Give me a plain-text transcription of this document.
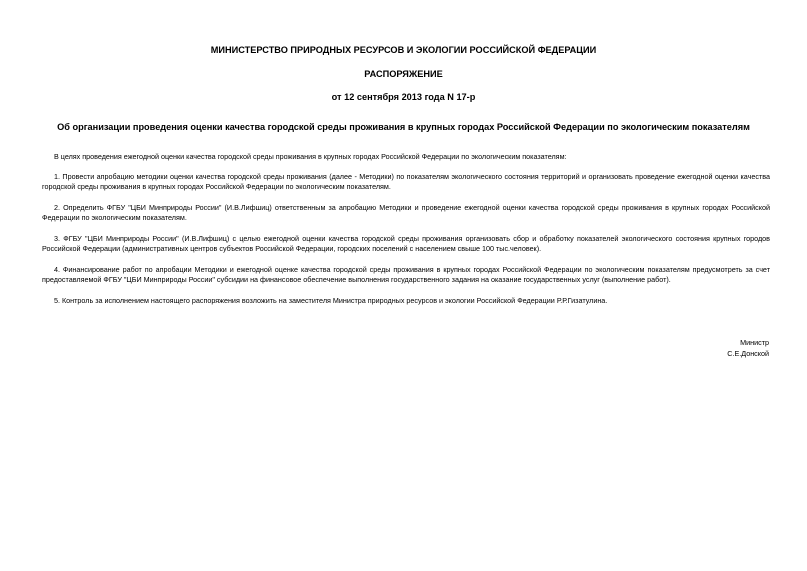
МИНИСТЕРСТВО ПРИРОДНЫХ РЕСУРСОВ И ЭКОЛОГИИ РОССИЙСКОЙ ФЕДЕРАЦИИ
РАСПОРЯЖЕНИЕ
от 12 сентября 2013 года N 17-р
Об организации проведения оценки качества городской среды проживания в крупных городах Российской Федерации по экологическим показателям

В целях проведения ежегодной оценки качества городской среды проживания в крупных городах Российской Федерации по экологическим показателям:

1. Провести апробацию методики оценки качества городской среды проживания (далее - Методики) по показателям экологического состояния территорий и организовать проведение ежегодной оценки качества городской среды проживания в крупных городах Российской Федерации по экологическим показателям.

2. Определить ФГБУ "ЦБИ Минприроды России" (И.В.Лифшиц) ответственным за апробацию Методики и проведение ежегодной оценки качества городской среды проживания в крупных городах Российской Федерации по экологическим показателям.

3. ФГБУ "ЦБИ Минприроды России" (И.В.Лифшиц) с целью ежегодной оценки качества городской среды проживания организовать сбор и обработку показателей экологического состояния крупных городов Российской Федерации (административных центров субъектов Российской Федерации, городских поселений с населением свыше 100 тыс.человек).

4. Финансирование работ по апробации Методики и ежегодной оценке качества городской среды проживания в крупных городах Российской Федерации по экологическим показателям предусмотреть за счет предоставляемой ФГБУ "ЦБИ Минприроды России" субсидии на финансовое обеспечение выполнения государственного задания на оказание государственных услуг (выполнение работ).

5. Контроль за исполнением настоящего распоряжения возложить на заместителя Министра природных ресурсов и экологии Российской Федерации Р.Р.Гизатулина.

Министр
С.Е.Донской
